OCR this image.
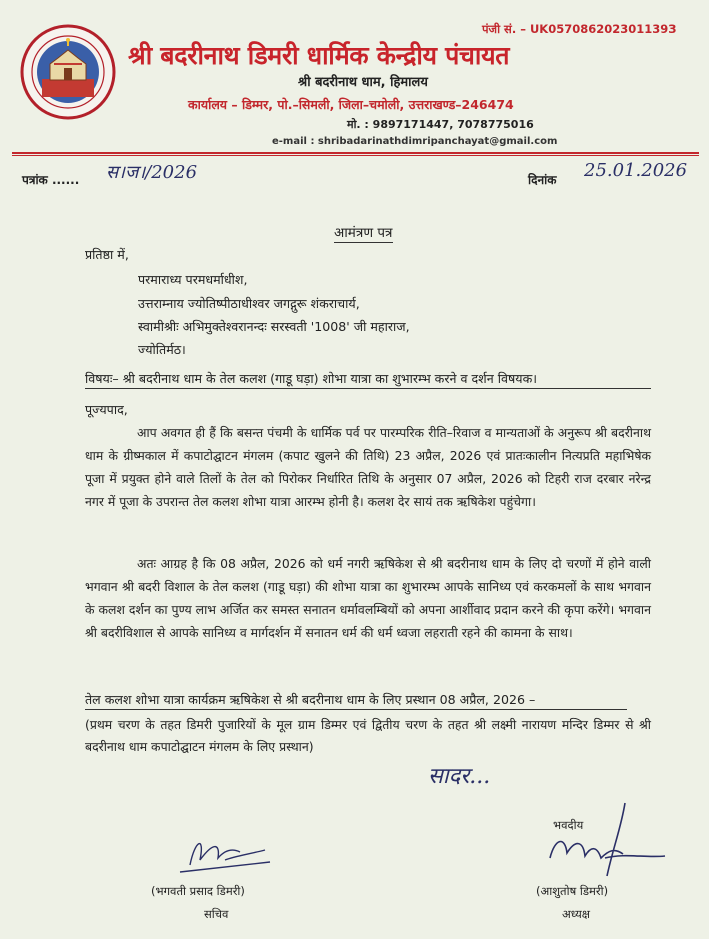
पंजी सं. – UK057086202301139З
श्री बदरीनाथ डिमरी धार्मिक केन्द्रीय पंचायत
श्री बदरीनाथ धाम, हिमालय
कार्यालय – डिम्मर, पो.–सिमली, जिला–चमोली, उत्तराखण्ड–246474
मो. : 9897171447, 7078775016
e-mail : shribadarinathdimripanchayat@gmail.com
पत्रांक ...... स।ज।/2026	दिनांक 25.01.2026
आमंत्रण पत्र
प्रतिष्ठा में,
परमाराध्य परमधर्माधीश,
उत्तराम्नाय ज्योतिष्पीठाधीश्वर जगद्गुरू शंकराचार्य,
स्वामीश्रीः अभिमुक्तेश्वरानन्दः सरस्वती '1008' जी महाराज,
ज्योतिर्मठ।
विषयः– श्री बदरीनाथ धाम के तेल कलश (गाडू घड़ा) शोभा यात्रा का शुभारम्भ करने व दर्शन विषयक।
पूज्यपाद,
आप अवगत ही हैं कि बसन्त पंचमी के धार्मिक पर्व पर पारम्परिक रीति–रिवाज व मान्यताओं के अनुरूप श्री बदरीनाथ धाम के ग्रीष्मकाल में कपाटोद्घाटन मंगलम (कपाट खुलने की तिथि) 23 अप्रैल, 2026 एवं प्रातःकालीन नित्यप्रति महाभिषेक पूजा में प्रयुक्त होने वाले तिलों के तेल को पिरोकर निर्धारित तिथि के अनुसार 07 अप्रैल, 2026 को टिहरी राज दरबार नरेन्द्र नगर में पूजा के उपरान्त तेल कलश शोभा यात्रा आरम्भ होनी है। कलश देर सायं तक ऋषिकेश पहुंचेगा।
अतः आग्रह है कि 08 अप्रैल, 2026 को धर्म नगरी ऋषिकेश से श्री बदरीनाथ धाम के लिए दो चरणों में होने वाली भगवान श्री बदरी विशाल के तेल कलश (गाडू घड़ा) की शोभा यात्रा का शुभारम्भ आपके सानिध्य एवं करकमलों के साथ भगवान के कलश दर्शन का पुण्य लाभ अर्जित कर समस्त सनातन धर्मावलम्बियों को अपना आर्शीवाद प्रदान करने की कृपा करेंगे। भगवान श्री बदरीविशाल से आपके सानिध्य व मार्गदर्शन में सनातन धर्म की धर्म ध्वजा लहराती रहने की कामना के साथ।
तेल कलश शोभा यात्रा कार्यक्रम ऋषिकेश से श्री बदरीनाथ धाम के लिए प्रस्थान 08 अप्रैल, 2026 –
(प्रथम चरण के तहत डिमरी पुजारियों के मूल ग्राम डिम्मर एवं द्वितीय चरण के तहत श्री लक्ष्मी नारायण मन्दिर डिम्मर से श्री बदरीनाथ धाम कपाटोद्घाटन मंगलम के लिए प्रस्थान)
सादर...
(भगवती प्रसाद डिमरी)
सचिव
भवदीय
(आशुतोष डिमरी)
अध्यक्ष
